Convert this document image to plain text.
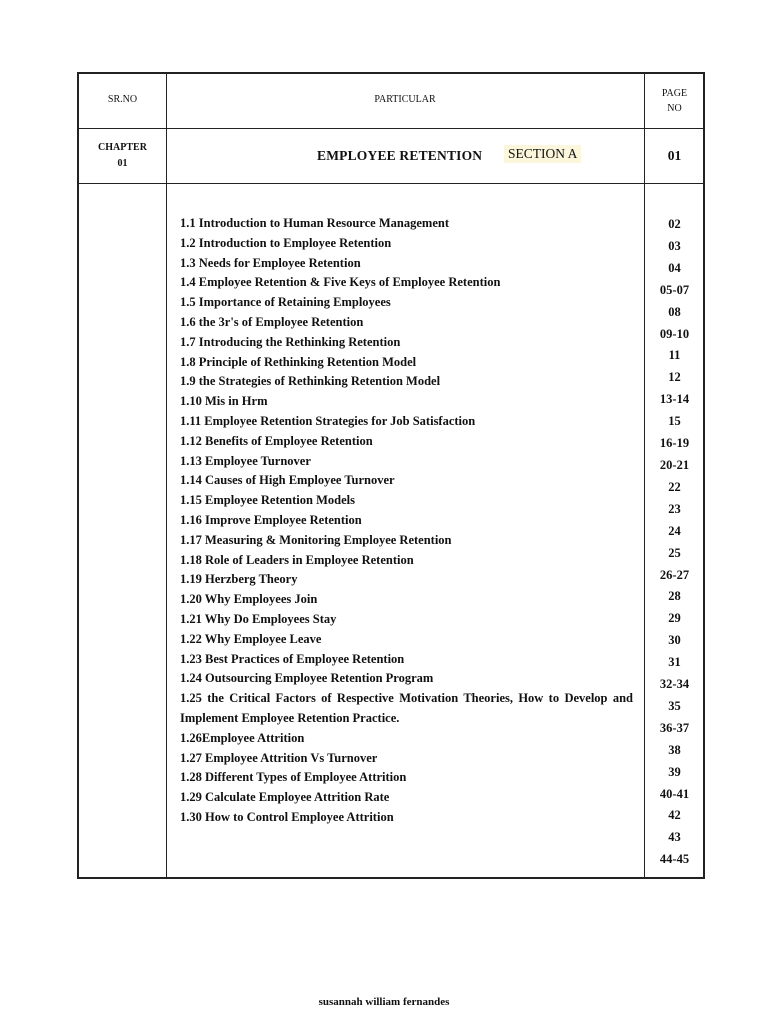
SR.NO	PARTICULAR
PAGE
NO
CHAPTER
01
EMPLOYEE RETENTION SECTION A	01
1.1 Introduction to Human Resource Management
1.2 Introduction to Employee Retention
1.3 Needs for Employee Retention
1.4 Employee Retention & Five Keys of Employee Retention
1.5 Importance of Retaining Employees
1.6 the 3r's of Employee Retention
1.7 Introducing the Rethinking Retention
1.8 Principle of Rethinking Retention Model
1.9 the Strategies of Rethinking Retention Model
1.10 Mis in Hrm
1.11 Employee Retention Strategies for Job Satisfaction
1.12 Benefits of Employee Retention
1.13 Employee Turnover
1.14 Causes of High Employee Turnover
1.15 Employee Retention Models
1.16 Improve Employee Retention
1.17 Measuring & Monitoring Employee Retention
1.18 Role of Leaders in Employee Retention
1.19 Herzberg Theory
1.20 Why Employees Join
1.21 Why Do Employees Stay
1.22 Why Employee Leave
1.23 Best Practices of Employee Retention
1.24 Outsourcing Employee Retention Program
1.25 the Critical Factors of Respective Motivation Theories, How to Develop and Implement Employee Retention Practice.
1.26Employee Attrition
1.27 Employee Attrition Vs Turnover
1.28 Different Types of Employee Attrition
1.29 Calculate Employee Attrition Rate
1.30 How to Control Employee Attrition
02
03
04
05-07
08
09-10
11
12
13-14
15
16-19
20-21
22
23
24
25
26-27
28
29
30
31
32-34
35
36-37
38
39
40-41
42
43
44-45
susannah william fernandes
